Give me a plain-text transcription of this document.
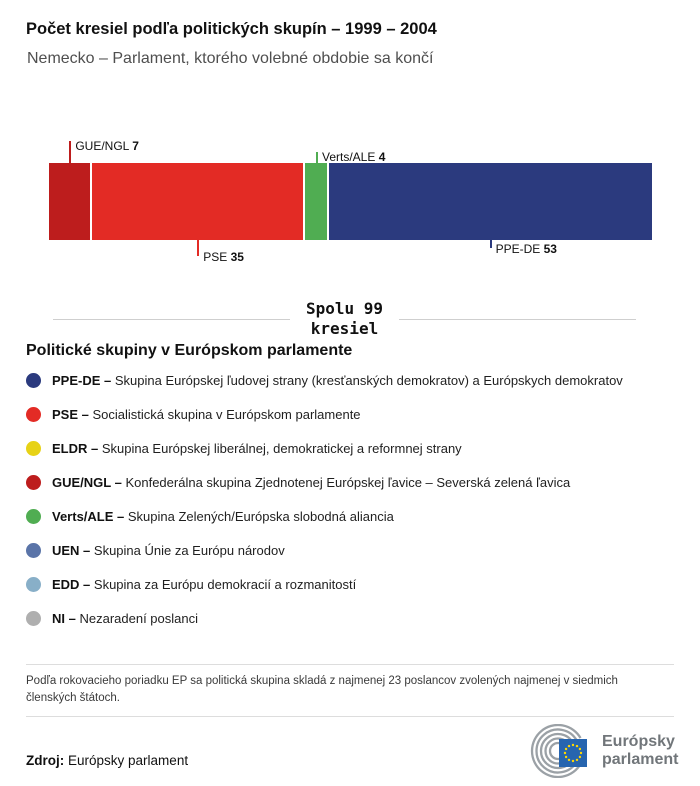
Počet kresiel podľa politických skupín – 1999 – 2004
Nemecko – Parlament, ktorého volebné obdobie sa končí
GUE/NGL 7
PSE 35
Verts/ALE 4
PPE-DE 53
Spolu 99
kresiel
Politické skupiny v Európskom parlamente
PPE-DE – Skupina Európskej ľudovej strany (kresťanských demokratov) a Európskych demokratov
PSE – Socialistická skupina v Európskom parlamente
ELDR – Skupina Európskej liberálnej, demokratickej a reformnej strany
GUE/NGL – Konfederálna skupina Zjednotenej Európskej ľavice – Severská zelená ľavica
Verts/ALE – Skupina Zelených/Európska slobodná aliancia
UEN – Skupina Únie za Európu národov
EDD – Skupina za Európu demokracií a rozmanitostí
NI – Nezaradení poslanci
Podľa rokovacieho poriadku EP sa politická skupina skladá z najmenej 23 poslancov zvolených najmenej v siedmich členských štátoch.
Zdroj: Európsky parlament
Európsky
parlament
